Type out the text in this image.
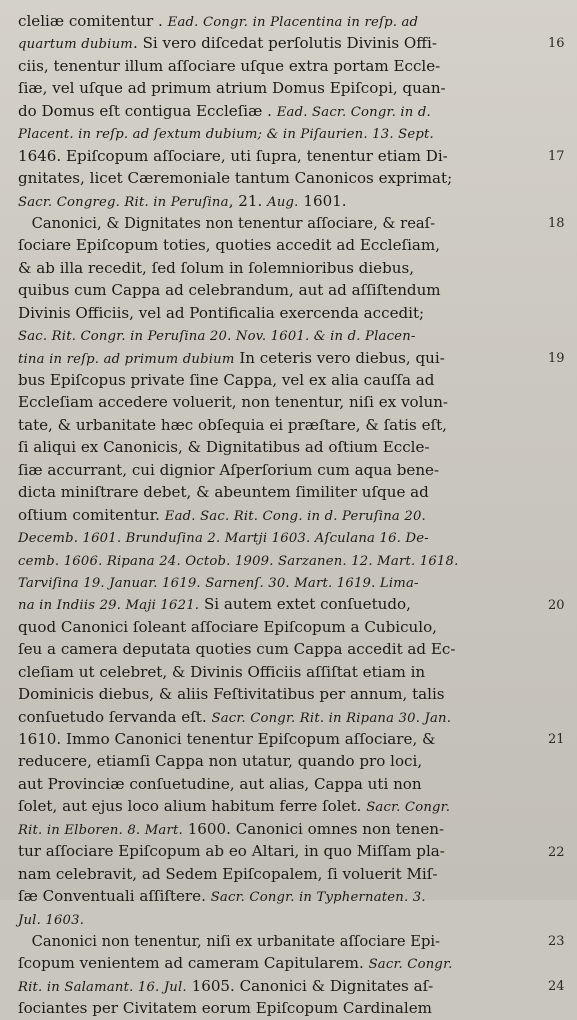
cleliæ comitentur . Ead. Congr. in Placentina in reſp. ad
quartum dubium. Si vero diſcedat perſolutis Divinis Offi-
ciis, tenentur illum aſſociare uſque extra portam Eccle-
ſiæ, vel uſque ad primum atrium Domus Epiſcopi, quan-
do Domus eſt contigua Eccleſiæ . Ead. Sacr. Congr. in d.
Placent. in reſp. ad ſextum dubium; & in Piſaurien. 13. Sept.
1646. Epiſcopum aſſociare, uti ſupra, tenentur etiam Di-
gnitates, licet Cæremoniale tantum Canonicos exprimat;
Sacr. Congreg. Rit. in Peruſina, 21. Aug. 1601.
Canonici, & Dignitates non tenentur aſſociare, & reaſ-
ſociare Epiſcopum toties, quoties accedit ad Eccleſiam,
& ab illa recedit, ſed ſolum in ſolemnioribus diebus,
quibus cum Cappa ad celebrandum, aut ad aſſiſtendum
Divinis Officiis, vel ad Pontificalia exercenda accedit;
Sac. Rit. Congr. in Peruſina 20. Nov. 1601. & in d. Placen-
tina in reſp. ad primum dubium In ceteris vero diebus, qui-
bus Epiſcopus private ſine Cappa, vel ex alia cauſſa ad
Eccleſiam accedere voluerit, non tenentur, niſi ex volun-
tate, & urbanitate hæc obſequia ei præſtare, & ſatis eſt,
ſi aliqui ex Canonicis, & Dignitatibus ad oſtium Eccle-
ſiæ accurrant, cui dignior Aſperſorium cum aqua bene-
dicta miniſtrare debet, & abeuntem ſimiliter uſque ad
oſtium comitentur. Ead. Sac. Rit. Cong. in d. Peruſina 20.
Decemb. 1601. Brunduſina 2. Martji 1603. Aſculana 16. De-
cemb. 1606. Ripana 24. Octob. 1909. Sarzanen. 12. Mart. 1618.
Tarviſina 19. Januar. 1619. Sarnenſ. 30. Mart. 1619. Lima-
na in Indiis 29. Maji 1621. Si autem extet conſuetudo,
quod Canonici ſoleant aſſociare Epiſcopum a Cubiculo,
ſeu a camera deputata quoties cum Cappa accedit ad Ec-
cleſiam ut celebret, & Divinis Officiis aſſiſtat etiam in
Dominicis diebus, & aliis Feſtivitatibus per annum, talis
conſuetudo ſervanda eſt. Sacr. Congr. Rit. in Ripana 30. Jan.
1610. Immo Canonici tenentur Epiſcopum aſſociare, &
reducere, etiamſi Cappa non utatur, quando pro loci,
aut Provinciæ conſuetudine, aut alias, Cappa uti non
ſolet, aut ejus loco alium habitum ferre ſolet. Sacr. Congr.
Rit. in Elboren. 8. Mart. 1600. Canonici omnes non tenen-
tur aſſociare Epiſcopum ab eo Altari, in quo Miſſam pla-
nam celebravit, ad Sedem Epiſcopalem, ſi voluerit Miſ-
ſæ Conventuali aſſiſtere. Sacr. Congr. in Typhernaten. 3.
Jul. 1603.
Canonici non tenentur, niſi ex urbanitate aſſociare Epi-
ſcopum venientem ad cameram Capitularem. Sacr. Congr.
Rit. in Salamant. 16. Jul. 1605. Canonici & Dignitates aſ-
ſociantes per Civitatem eorum Epiſcopum Cardinalem
16
17
18
19
20
21
22
23
24
